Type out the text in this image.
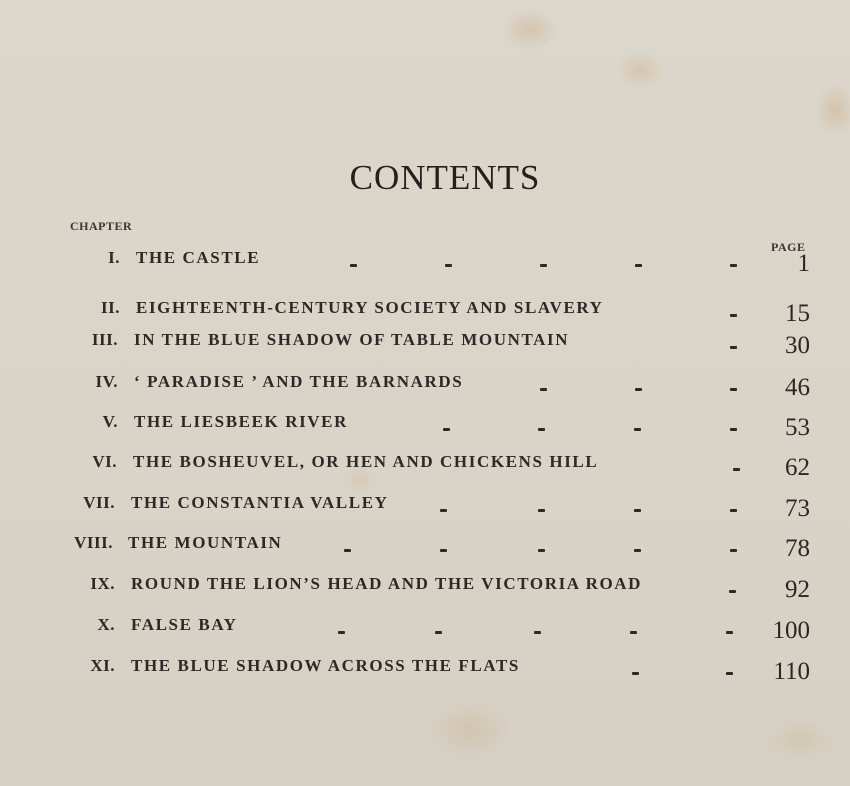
CONTENTS
CHAPTER
PAGE
I. THE CASTLE	1
II. EIGHTEENTH-CENTURY SOCIETY AND SLAVERY	15
III. IN THE BLUE SHADOW OF TABLE MOUNTAIN	30
IV. ‘ PARADISE ’ AND THE BARNARDS	46
V. THE LIESBEEK RIVER	53
VI. THE BOSHEUVEL, OR HEN AND CHICKENS HILL	62
VII. THE CONSTANTIA VALLEY	73
VIII. THE MOUNTAIN	78
IX. ROUND THE LION’S HEAD AND THE VICTORIA ROAD	92
X. FALSE BAY	100
XI. THE BLUE SHADOW ACROSS THE FLATS	110
